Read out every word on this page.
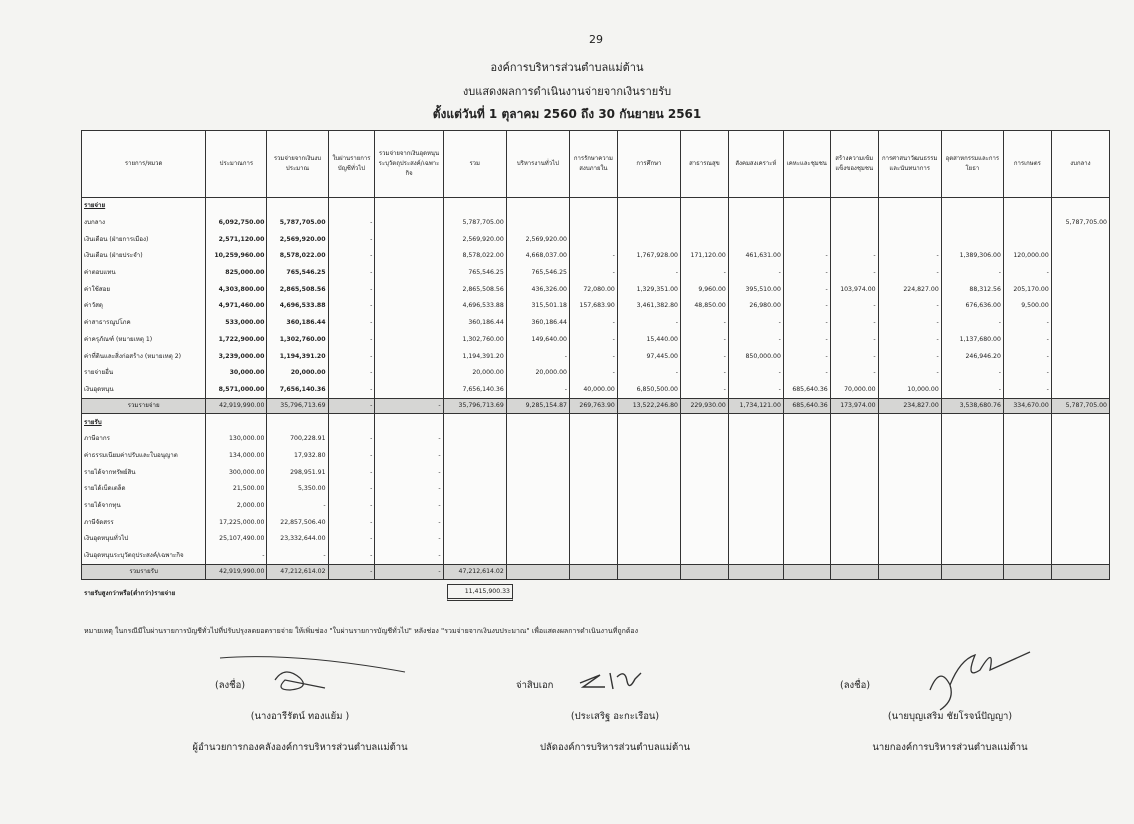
29
องค์การบริหารส่วนตำบลแม่ต้าน
งบแสดงผลการดำเนินงานจ่ายจากเงินรายรับ
ตั้งแต่วันที่ 1 ตุลาคม 2560 ถึง 30 กันยายน 2561
รายการ/หมวด	ประมาณการ	รวมจ่ายจากเงินงบประมาณ	ใบผ่านรายการบัญชีทั่วไป	รวมจ่ายจากเงินอุดหนุนระบุวัตถุประสงค์/เฉพาะกิจ	รวม	บริหารงานทั่วไป	การรักษาความสงบภายใน	การศึกษา	สาธารณสุข	สังคมสงเคราะห์	เคหะและชุมชน	สร้างความเข้มแข็งของชุมชน	การศาสนาวัฒนธรรมและนันทนาการ	อุตสาหกรรมและการโยธา	การเกษตร	งบกลาง
รายจ่าย																
งบกลาง	6,092,750.00	5,787,705.00	-		5,787,705.00											5,787,705.00
เงินเดือน (ฝ่ายการเมือง)	2,571,120.00	2,569,920.00	-		2,569,920.00	2,569,920.00										
เงินเดือน (ฝ่ายประจำ)	10,259,960.00	8,578,022.00	-		8,578,022.00	4,668,037.00	-	1,767,928.00	171,120.00	461,631.00	-	-	-	1,389,306.00	120,000.00	
ค่าตอบแทน	825,000.00	765,546.25	-		765,546.25	765,546.25	-	-	-	-	-	-	-	-	-	
ค่าใช้สอย	4,303,800.00	2,865,508.56	-		2,865,508.56	436,326.00	72,080.00	1,329,351.00	9,960.00	395,510.00	-	103,974.00	224,827.00	88,312.56	205,170.00	
ค่าวัสดุ	4,971,460.00	4,696,533.88	-		4,696,533.88	315,501.18	157,683.90	3,461,382.80	48,850.00	26,980.00	-	-	-	676,636.00	9,500.00	
ค่าสาธารณูปโภค	533,000.00	360,186.44	-		360,186.44	360,186.44	-	-	-	-	-	-	-	-	-	
ค่าครุภัณฑ์ (หมายเหตุ 1)	1,722,900.00	1,302,760.00	-		1,302,760.00	149,640.00	-	15,440.00	-	-	-	-	-	1,137,680.00	-	
ค่าที่ดินและสิ่งก่อสร้าง (หมายเหตุ 2)	3,239,000.00	1,194,391.20	-		1,194,391.20	-	-	97,445.00	-	850,000.00	-	-	-	246,946.20	-	
รายจ่ายอื่น	30,000.00	20,000.00	-		20,000.00	20,000.00	-	-	-	-	-	-	-	-	-	
เงินอุดหนุน	8,571,000.00	7,656,140.36	-		7,656,140.36	-	40,000.00	6,850,500.00	-	-	685,640.36	70,000.00	10,000.00	-	-	
รวมรายจ่าย	42,919,990.00	35,796,713.69	-	-	35,796,713.69	9,285,154.87	269,763.90	13,522,246.80	229,930.00	1,734,121.00	685,640.36	173,974.00	234,827.00	3,538,680.76	334,670.00	5,787,705.00
รายรับ																
ภาษีอากร	130,000.00	700,228.91	-	-												
ค่าธรรมเนียมค่าปรับและใบอนุญาต	134,000.00	17,932.80	-	-												
รายได้จากทรัพย์สิน	300,000.00	298,951.91	-	-												
รายได้เบ็ดเตล็ด	21,500.00	5,350.00	-	-												
รายได้จากทุน	2,000.00	-	-	-												
ภาษีจัดสรร	17,225,000.00	22,857,506.40	-	-												
เงินอุดหนุนทั่วไป	25,107,490.00	23,332,644.00	-	-												
เงินอุดหนุนระบุวัตถุประสงค์/เฉพาะกิจ	-	-	-	-												
รวมรายรับ	42,919,990.00	47,212,614.02	-	-	47,212,614.02											
รายรับสูงกว่าหรือ(ต่ำกว่า)รายจ่าย	11,415,900.33
หมายเหตุ ในกรณีมีใบผ่านรายการบัญชีทั่วไปที่ปรับปรุงลดยอดรายจ่าย ให้เพิ่มช่อง "ใบผ่านรายการบัญชีทั่วไป" หลังช่อง "รวมจ่ายจากเงินงบประมาณ" เพื่อแสดงผลการดำเนินงานที่ถูกต้อง
(ลงชื่อ)
(นางอารีรัตน์ ทองแย้ม )
ผู้อำนวยการกองคลังองค์การบริหารส่วนตำบลแม่ต้าน
จ่าสิบเอก
(ประเสริฐ อะกะเรือน)
ปลัดองค์การบริหารส่วนตำบลแม่ต้าน
(ลงชื่อ)
(นายบุญเสริม ชัยโรจน์ปัญญา)
นายกองค์การบริหารส่วนตำบลแม่ต้าน
